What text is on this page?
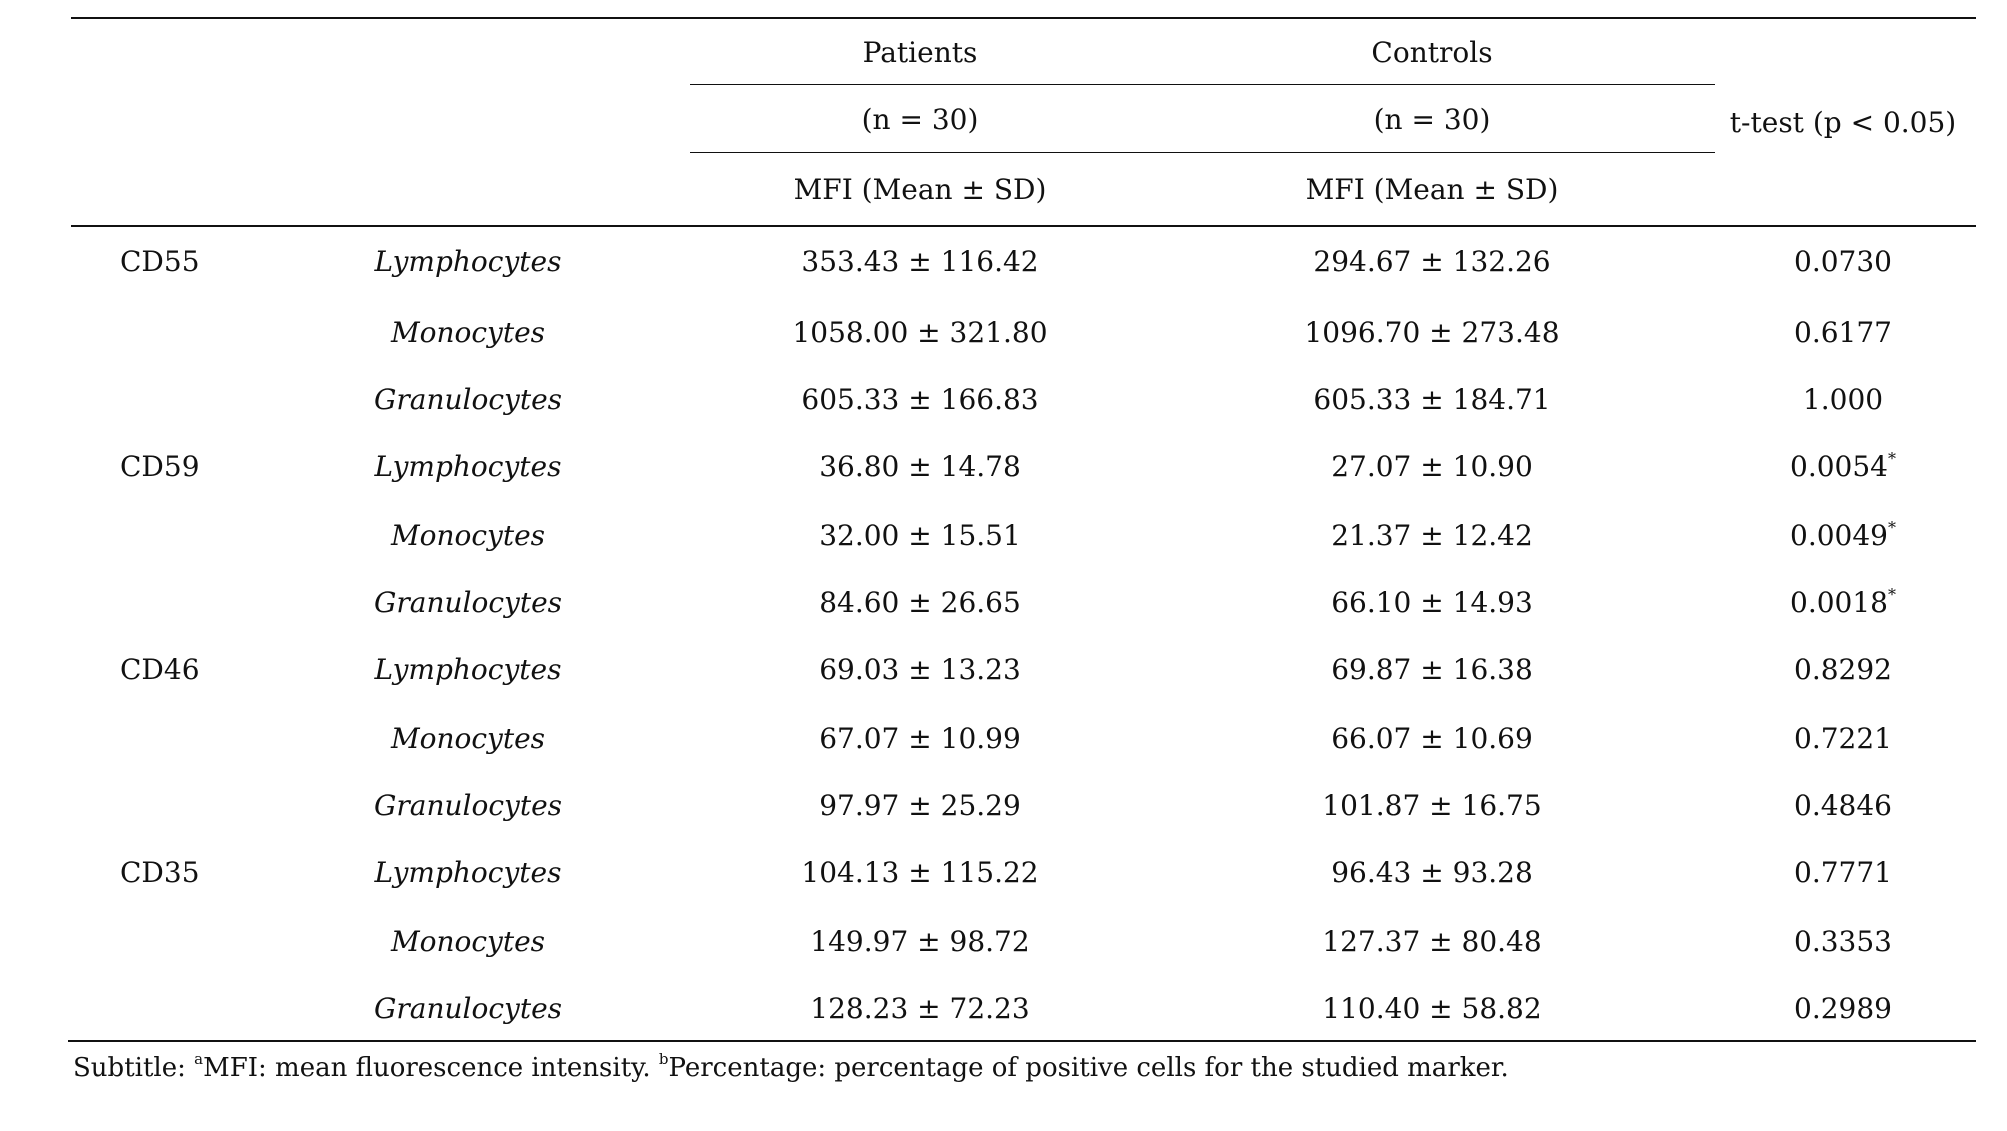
Patients	Controls
(n = 30)	(n = 30)	t-test (p < 0.05)
MFI (Mean ± SD)	MFI (Mean ± SD)
CD55	Lymphocytes	353.43 ± 116.42	294.67 ± 132.26	0.0730
Monocytes	1058.00 ± 321.80	1096.70 ± 273.48	0.6177
Granulocytes	605.33 ± 166.83	605.33 ± 184.71	1.000
CD59	Lymphocytes	36.80 ± 14.78	27.07 ± 10.90	0.0054*
Monocytes	32.00 ± 15.51	21.37 ± 12.42	0.0049*
Granulocytes	84.60 ± 26.65	66.10 ± 14.93	0.0018*
CD46	Lymphocytes	69.03 ± 13.23	69.87 ± 16.38	0.8292
Monocytes	67.07 ± 10.99	66.07 ± 10.69	0.7221
Granulocytes	97.97 ± 25.29	101.87 ± 16.75	0.4846
CD35	Lymphocytes	104.13 ± 115.22	96.43 ± 93.28	0.7771
Monocytes	149.97 ± 98.72	127.37 ± 80.48	0.3353
Granulocytes	128.23 ± 72.23	110.40 ± 58.82	0.2989
Subtitle: $^a$MFI: mean fluorescence intensity. $^b$Percentage: percentage of positive cells for the studied marker.
